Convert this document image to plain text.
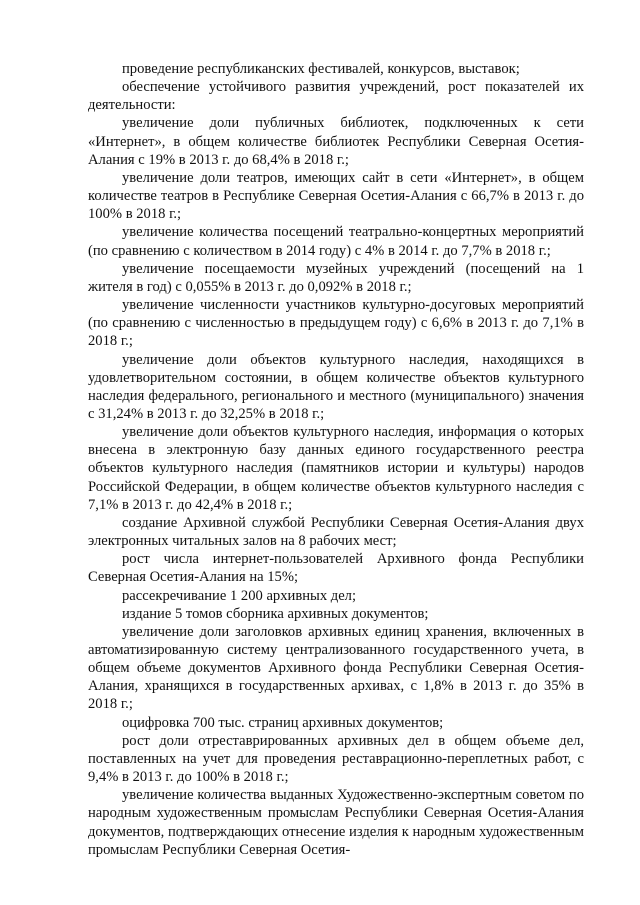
проведение республиканских фестивалей, конкурсов, выставок;

обеспечение устойчивого развития учреждений, рост показателей их деятельности:

увеличение доли публичных библиотек, подключенных к сети «Интернет», в общем количестве библиотек Республики Северная Осетия-Алания с 19% в 2013 г. до 68,4% в 2018 г.;

увеличение доли театров, имеющих сайт в сети «Интернет», в общем количестве театров в Республике Северная Осетия-Алания с 66,7% в 2013 г. до 100% в 2018 г.;

увеличение количества посещений театрально-концертных мероприятий (по сравнению с количеством в 2014 году) с 4% в 2014 г. до 7,7% в 2018 г.;

увеличение посещаемости музейных учреждений (посещений на 1 жителя в год) с 0,055% в 2013 г. до 0,092% в 2018 г.;

увеличение численности участников культурно-досуговых мероприятий (по сравнению с численностью в предыдущем году) с 6,6% в 2013 г. до 7,1% в 2018 г.;

увеличение доли объектов культурного наследия, находящихся в удовлетворительном состоянии, в общем количестве объектов культурного наследия федерального, регионального и местного (муниципального) значения с 31,24% в 2013 г. до 32,25% в 2018 г.;

увеличение доли объектов культурного наследия, информация о которых внесена в электронную базу данных единого государственного реестра объектов культурного наследия (памятников истории и культуры) народов Российской Федерации, в общем количестве объектов культурного наследия с 7,1% в 2013 г. до 42,4% в 2018 г.;

создание Архивной службой Республики Северная Осетия-Алания двух электронных читальных залов на 8 рабочих мест;

рост числа интернет-пользователей Архивного фонда Республики Северная Осетия-Алания на 15%;

рассекречивание 1 200 архивных дел;

издание 5 томов сборника архивных документов;

увеличение доли заголовков архивных единиц хранения, включенных в автоматизированную систему централизованного государственного учета, в общем объеме документов Архивного фонда Республики Северная Осетия-Алания, хранящихся в государственных архивах, с 1,8% в 2013 г. до 35% в 2018 г.;

оцифровка 700 тыс. страниц архивных документов;

рост доли отреставрированных архивных дел в общем объеме дел, поставленных на учет для проведения реставрационно-переплетных работ, с 9,4% в 2013 г. до 100% в 2018 г.;

увеличение количества выданных Художественно-экспертным советом по народным художественным промыслам Республики Северная Осетия-Алания документов, подтверждающих отнесение изделия к народным художественным промыслам Республики Северная Осетия-
